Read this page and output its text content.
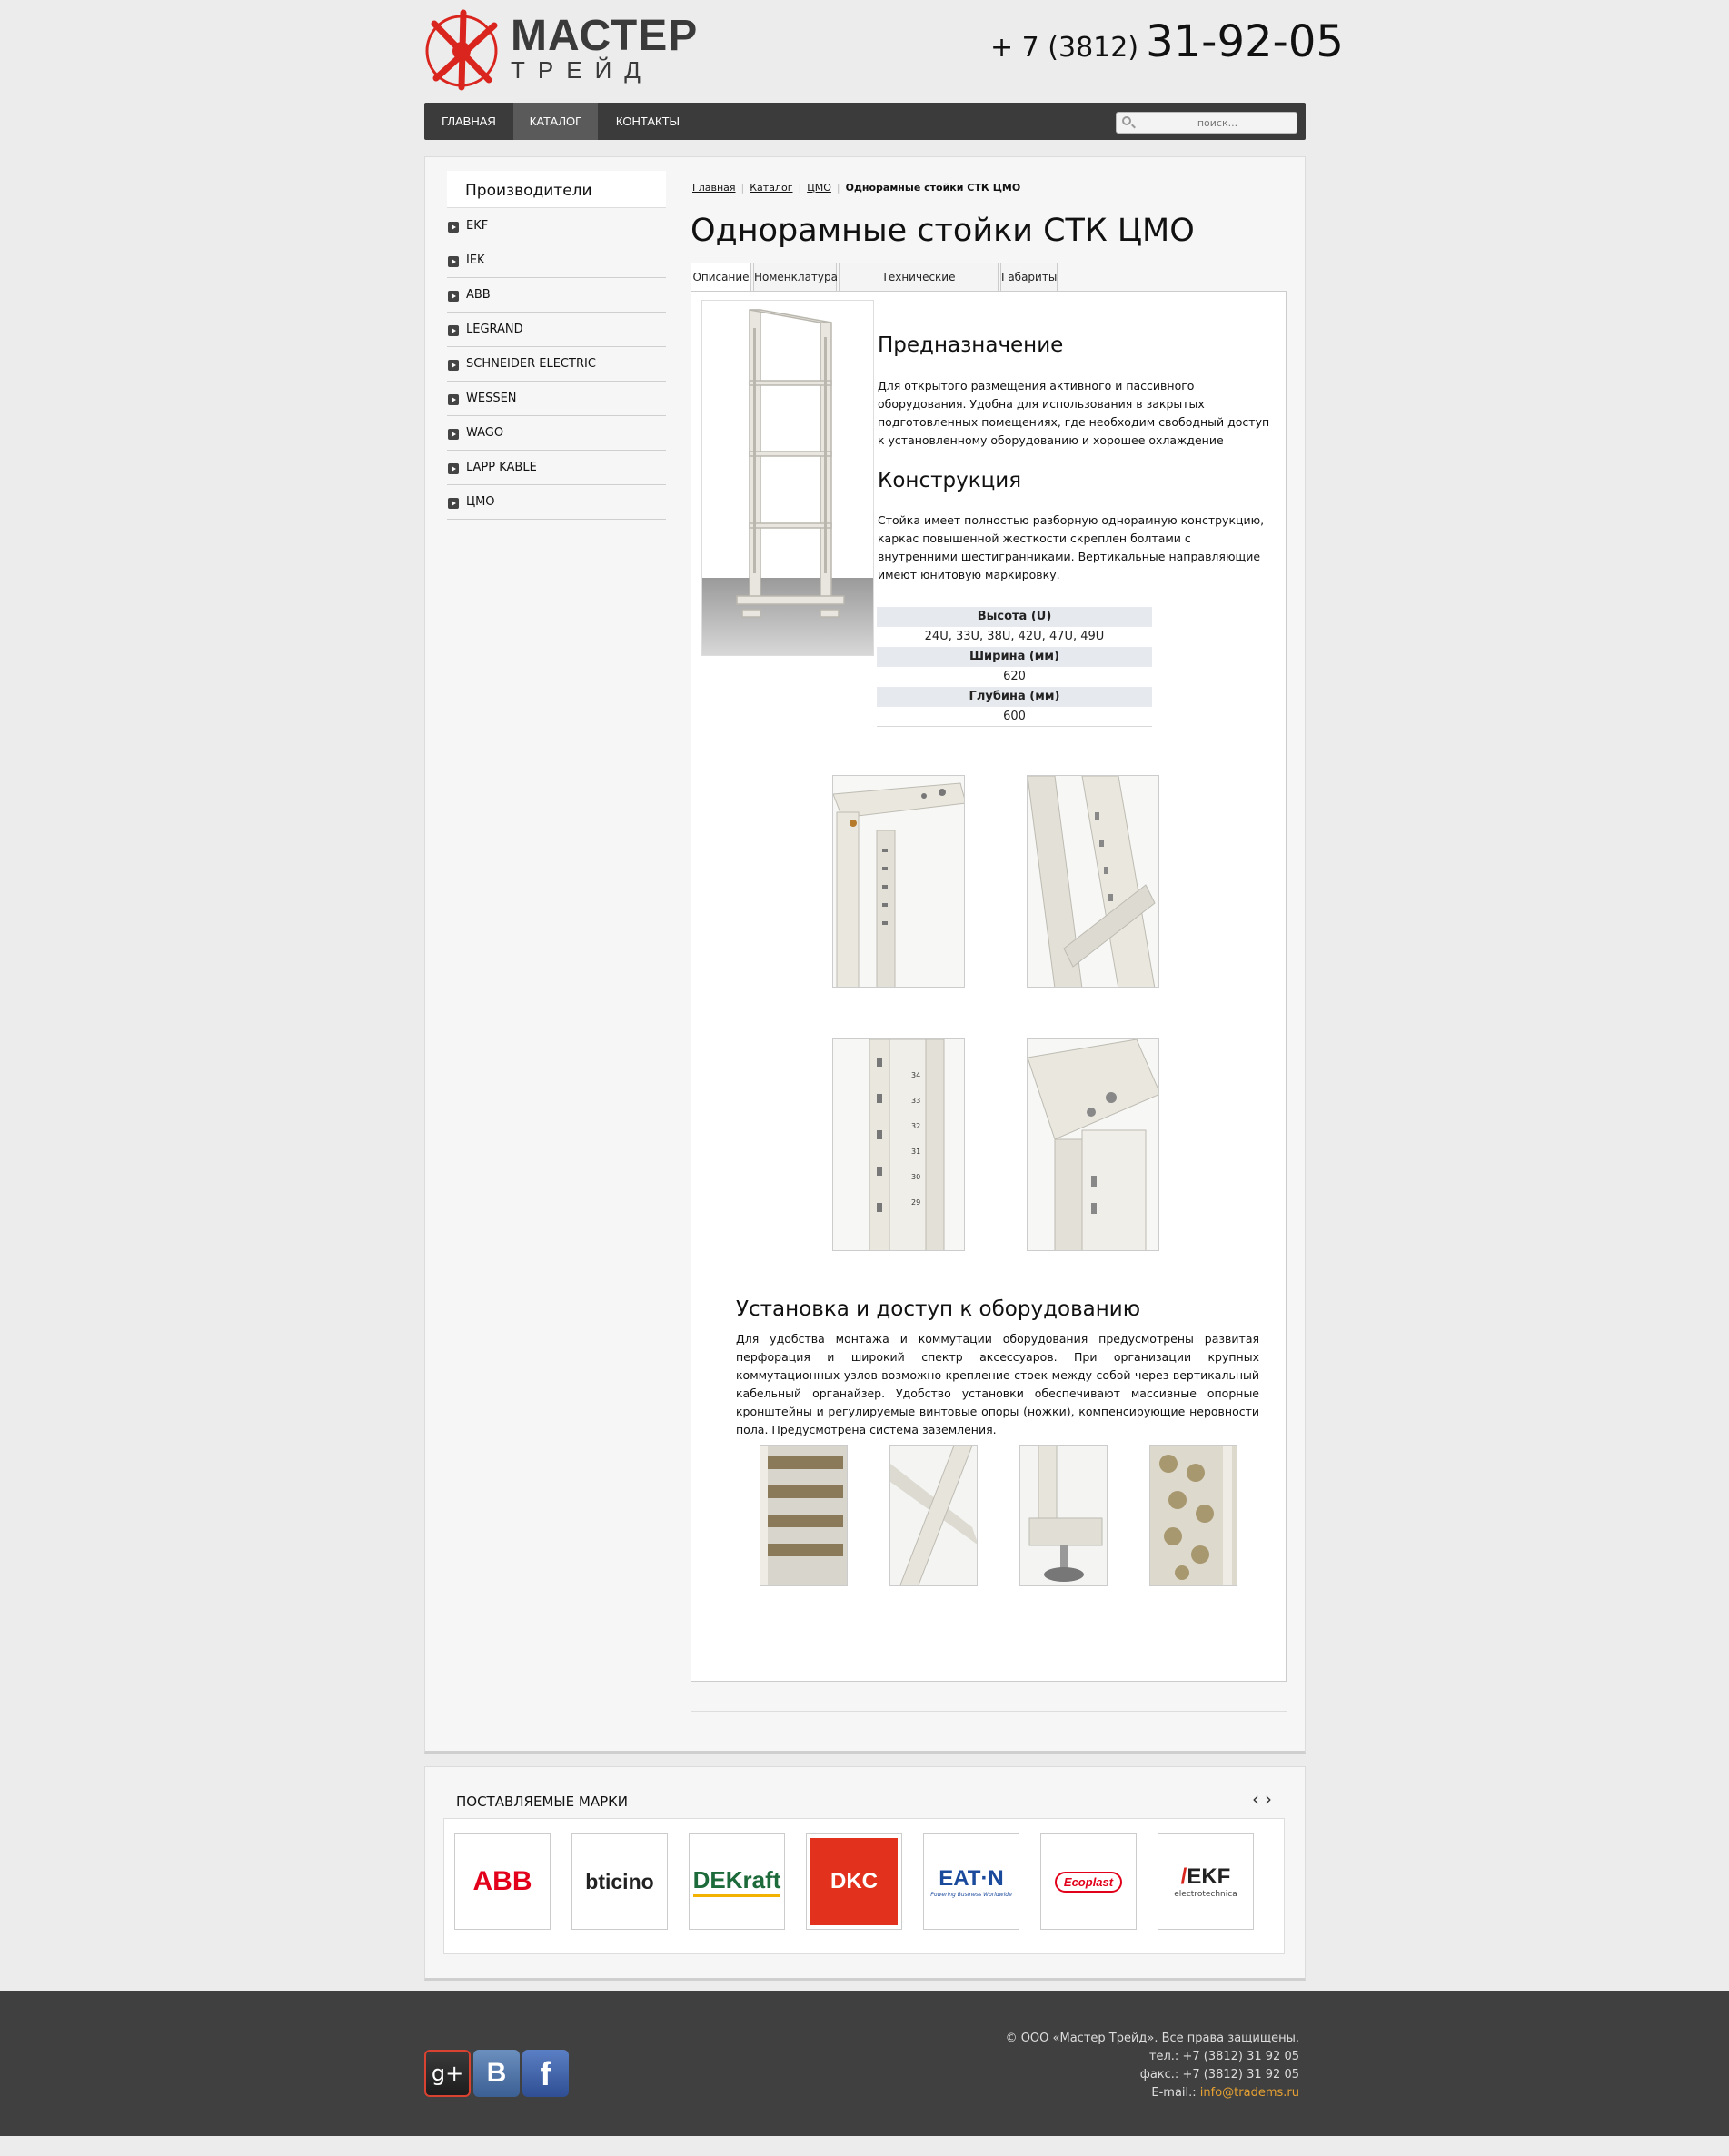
МАСТЕР
ТРЕЙД
+ 7 (3812) 31-92-05
ГЛАВНАЯ	КАТАЛОГ	КОНТАКТЫ
поиск...
Производители
EKF
IEK
ABB
LEGRAND
SCHNEIDER ELECTRIC
WESSEN
WAGO
LAPP KABLE
ЦМО
Главная | Каталог | ЦМО | Однорамные стойки СТК ЦМО
Однорамные стойки СТК ЦМО
Описание Номенклатура	Технические	Габариты
Предназначение
Для открытого размещения активного и пассивного оборудования. Удобна для использования в закрытых подготовленных помещениях, где необходим свободный доступ к установленному оборудованию и хорошее охлаждение
Конструкция
Стойка имеет полностью разборную однорамную конструкцию, каркас повышенной жесткости скреплен болтами с внутренними шестигранниками. Вертикальные направляющие имеют юнитовую маркировку.
Высота (U)
24U, 33U, 38U, 42U, 47U, 49U
Ширина (мм)
620
Глубина (мм)
600
34
33
32
31
30
29
Установка и доступ к оборудованию
Для удобства монтажа и коммутации оборудования предусмотрены развитая перфорация и широкий спектр аксессуаров. При организации крупных коммутационных узлов возможно крепление стоек между собой через вертикальный кабельный органайзер. Удобство установки обеспечивают массивные опорные кронштейны и регулируемые винтовые опоры (ножки), компенсирующие неровности пола. Предусмотрена система заземления.
ПОСТАВЛЯЕМЫЕ МАРКИ	‹›
ABB	bticino DEKraft DKC	EAT·N
Powering Business Worldwide
Ecoplast	/EKF
electrotechnica
g+ B	f
© ООО «Мастер Трейд». Все права защищены.
тел.: +7 (3812) 31 92 05
факс.: +7 (3812) 31 92 05
E-mail.: info@tradems.ru
